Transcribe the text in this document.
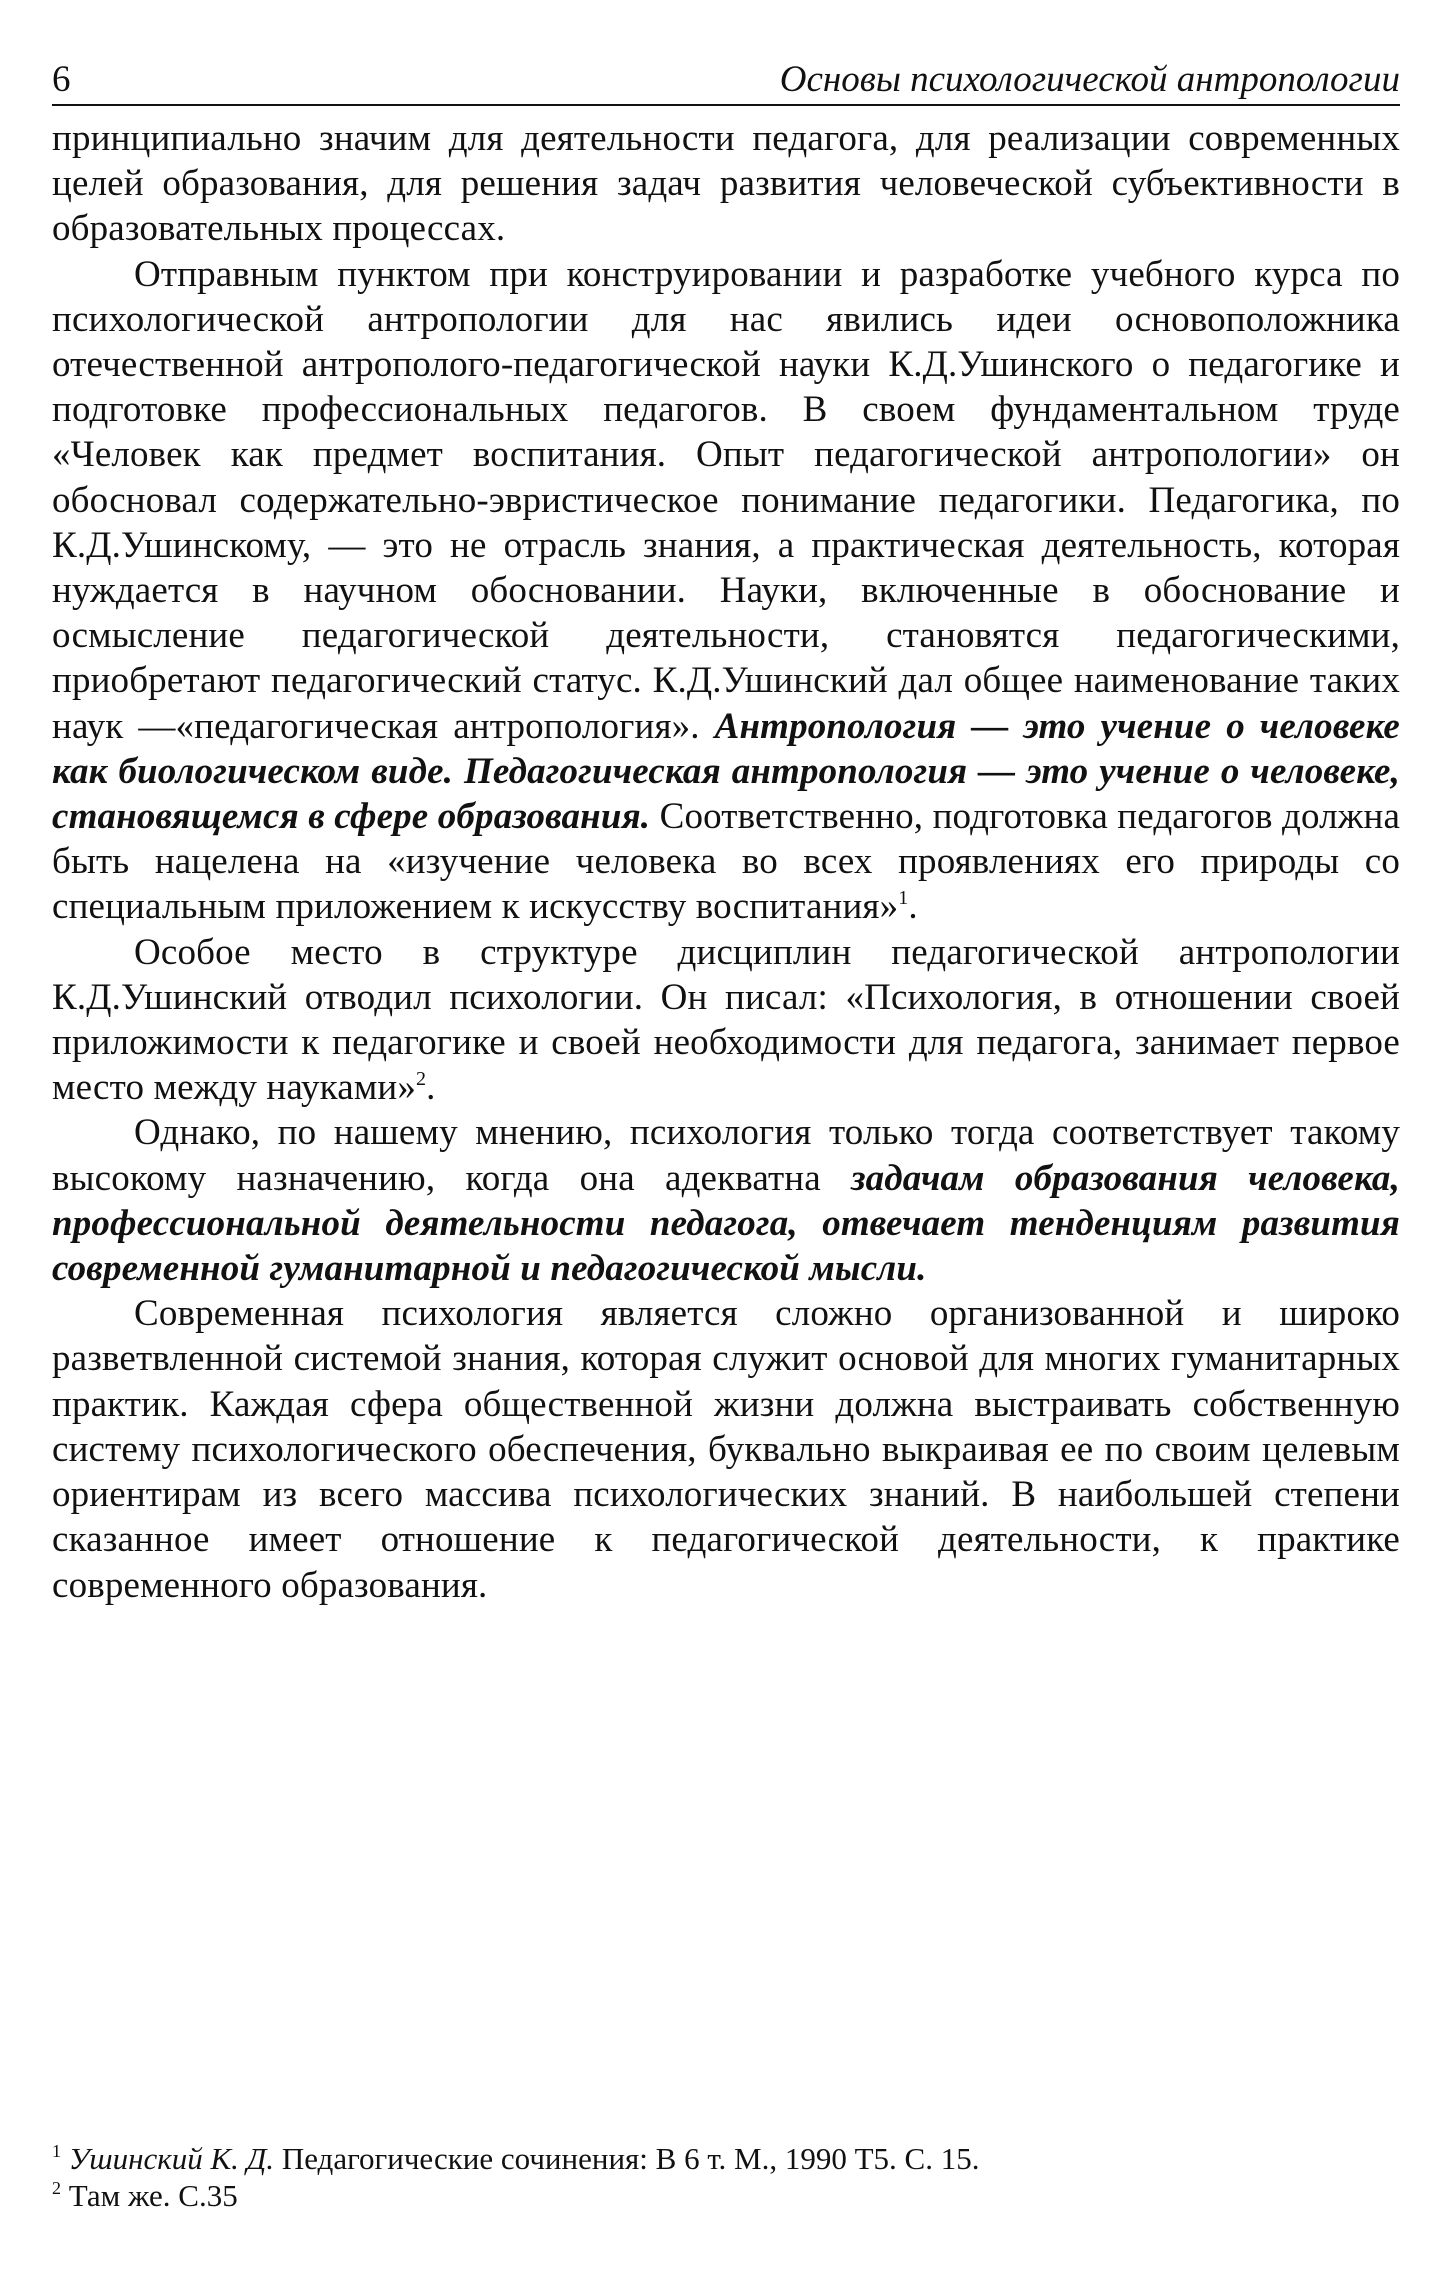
6	Основы психологической антропологии

принципиально значим для деятельности педагога, для реализации современных целей образования, для решения задач развития человеческой субъективности в образовательных процессах.

Отправным пунктом при конструировании и разработке учебного курса по психологической антропологии для нас явились идеи основоположника отечественной антрополого-педагогической науки К.Д.Ушинского о педагогике и подготовке профессиональных педагогов. В своем фундаментальном труде «Человек как предмет воспитания. Опыт педагогической антропологии» он обосновал содержательно-эвристическое понимание педагогики. Педагогика, по К.Д.Ушинскому, — это не отрасль знания, а практическая деятельность, которая нуждается в научном обосновании. Науки, включенные в обоснование и осмысление педагогической деятельности, становятся педагогическими, приобретают педагогический статус. К.Д.Ушинский дал общее наименование таких наук —«педагогическая антропология». Антропология — это учение о человеке как биологическом виде. Педагогическая антропология — это учение о человеке, становящемся в сфере образования. Соответственно, подготовка педагогов должна быть нацелена на «изучение человека во всех проявлениях его природы со специальным приложением к искусству воспитания»$^1$.

Особое место в структуре дисциплин педагогической антропологии К.Д.Ушинский отводил психологии. Он писал: «Психология, в отношении своей приложимости к педагогике и своей необходимости для педагога, занимает первое место между науками»$^2$.

Однако, по нашему мнению, психология только тогда соответствует такому высокому назначению, когда она адекватна задачам образования человека, профессиональной деятельности педагога, отвечает тенденциям развития современной гуманитарной и педагогической мысли.

Современная психология является сложно организованной и широко разветвленной системой знания, которая служит основой для многих гуманитарных практик. Каждая сфера общественной жизни должна выстраивать собственную систему психологического обеспечения, буквально выкраивая ее по своим целевым ориентирам из всего массива психологических знаний. В наибольшей степени сказанное имеет отношение к педагогической деятельности, к практике современного образования.

$^1$ Ушинский К. Д. Педагогические сочинения: В 6 т. М., 1990 Т5. С. 15.
$^2$ Там же. С.35
